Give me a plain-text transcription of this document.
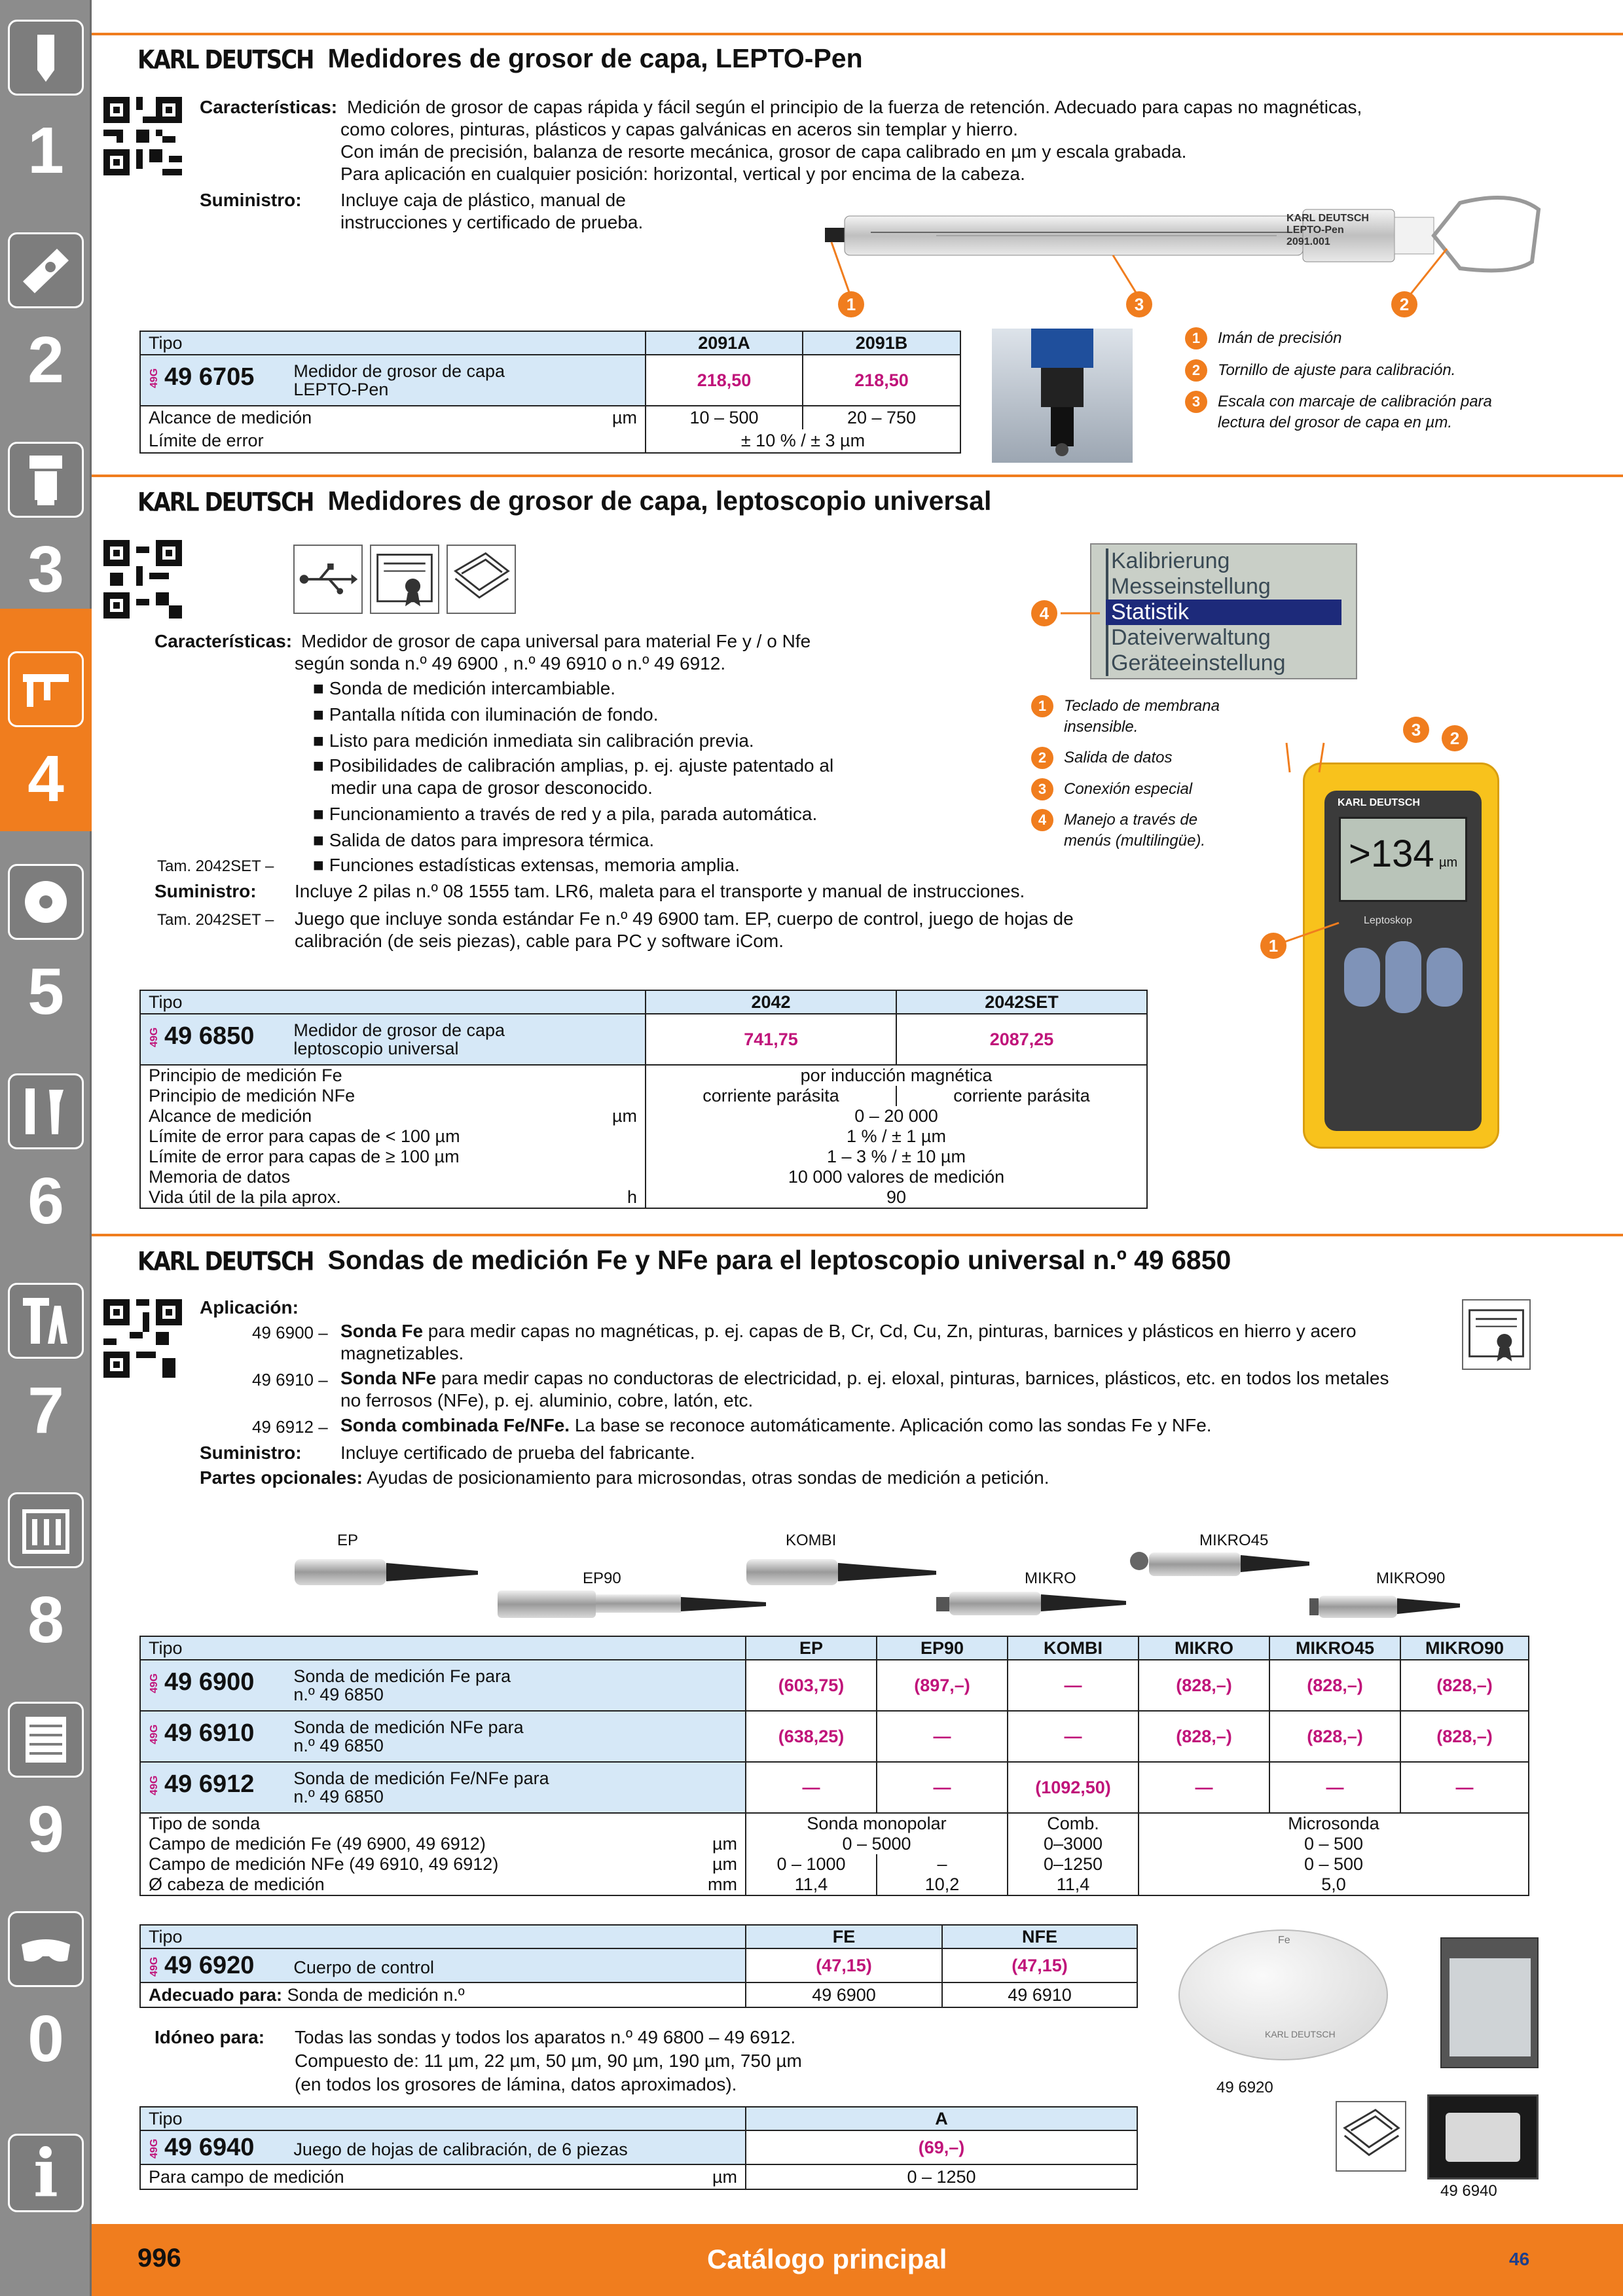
1
2
3
4
5
6
7
8
9
0
i
KARL DEUTSCH Medidores de grosor de capa, LEPTO-Pen
Características: Medición de grosor de capas rápida y fácil según el principio de la fuerza de retención. Adecuado para capas no magnéticas,
como colores, pinturas, plásticos y capas galvánicas en aceros sin templar y hierro.
Con imán de precisión, balanza de resorte mecánica, grosor de capa calibrado en µm y escala grabada.
Para aplicación en cualquier posición: horizontal, vertical y por encima de la cabeza.
Suministro: Incluye caja de plástico, manual de
instrucciones y certificado de prueba.	KARL DEUTSCH
LEPTO-Pen
2091.001
1	3	2
Tipo	2091A	2091B
49G 49 6705 Medidor de grosor de capa
LEPTO-Pen	218,50	218,50
Alcance de medición µm	10 – 500	20 – 750
Límite de error	± 10 % / ± 3 µm	
1	Imán de precisión
2	Tornillo de ajuste para calibración.
3	Escala con marcaje de calibración para
lectura del grosor de capa en µm.
KARL DEUTSCH Medidores de grosor de capa, leptoscopio universal
Características: Medidor de grosor de capa universal para material Fe y / o Nfe
según sonda n.º 49 6900 , n.º 49 6910 o n.º 49 6912.
■ Sonda de medición intercambiable.
■ Pantalla nítida con iluminación de fondo.
■ Listo para medición inmediata sin calibración previa.
■ Posibilidades de calibración amplias, p. ej. ajuste patentado al
medir una capa de grosor desconocido.
■ Funcionamiento a través de red y a pila, parada automática.
■ Salida de datos para impresora térmica.
Tam. 2042SET – ■ Funciones estadísticas extensas, memoria amplia.
Suministro: Incluye 2 pilas n.º 08 1555 tam. LR6, maleta para el transporte y manual de instrucciones.
Tam. 2042SET – Juego que incluye sonda estándar Fe n.º 49 6900 tam. EP, cuerpo de control, juego de hojas de
calibración (de seis piezas), cable para PC y software iCom.
Kalibrierung
Messeinstellung
Statistik
Dateiverwaltung
Geräteeinstellung
4
1	Teclado de membrana
insensible.
2	Salida de datos
3	Conexión especial
4	Manejo a través de
menús (multilingüe).
KARL DEUTSCH
>134 µm
Leptoskop
3	2
1
Tipo	2042	2042SET
49G 49 6850 Medidor de grosor de capa
leptoscopio universal	741,75	2087,25
Principio de medición Fe	por inducción magnética	
Principio de medición NFe	corriente parásita	corriente parásita
Alcance de medición µm	0 – 20 000	
Límite de error para capas de < 100 µm	1 % / ± 1 µm	
Límite de error para capas de ≥ 100 µm	1 – 3 % / ± 10 µm	
Memoria de datos	10 000 valores de medición	
Vida útil de la pila aprox. h	90	
KARL DEUTSCH Sondas de medición Fe y NFe para el leptoscopio universal n.º 49 6850
Aplicación:
49 6900 – Sonda Fe para medir capas no magnéticas, p. ej. capas de B, Cr, Cd, Cu, Zn, pinturas, barnices y plásticos en hierro y acero
magnetizables.
49 6910 – Sonda NFe para medir capas no conductoras de electricidad, p. ej. eloxal, pinturas, barnices, plásticos, etc. en todos los metales
no ferrosos (NFe), p. ej. aluminio, cobre, latón, etc.
49 6912 – Sonda combinada Fe/NFe. La base se reconoce automáticamente. Aplicación como las sondas Fe y NFe.
Suministro: Incluye certificado de prueba del fabricante.
Partes opcionales: Ayudas de posicionamiento para microsondas, otras sondas de medición a petición.
EP
EP90
KOMBI
MIKRO
MIKRO45
MIKRO90
Tipo	EP	EP90	KOMBI	MIKRO	MIKRO45	MIKRO90
49G 49 6900 Sonda de medición Fe para
n.º 49 6850	(603,75)	(897,–)	—	(828,–)	(828,–)	(828,–)
49G 49 6910 Sonda de medición NFe para
n.º 49 6850	(638,25)	—	—	(828,–)	(828,–)	(828,–)
49G 49 6912 Sonda de medición Fe/NFe para
n.º 49 6850	—	—	(1092,50)	—	—	—
Tipo de sonda	Sonda monopolar		Comb.	Microsonda		
Campo de medición Fe (49 6900, 49 6912) µm	0 – 5000		0–3000	0 – 500		
Campo de medición NFe (49 6910, 49 6912) µm	0 – 1000	–	0–1250	0 – 500		
Ø cabeza de medición mm	11,4	10,2	11,4	5,0		
Tipo	FE	NFE
49G 49 6920 Cuerpo de control	(47,15)	(47,15)
Adecuado para: Sonda de medición n.º	49 6900	49 6910
Idóneo para: Todas las sondas y todos los aparatos n.º 49 6800 – 49 6912.
Compuesto de: 11 µm, 22 µm, 50 µm, 90 µm, 190 µm, 750 µm
(en todos los grosores de lámina, datos aproximados).
Fe
KARL DEUTSCH
49 6920
49 6940
Tipo	A
49G 49 6940 Juego de hojas de calibración, de 6 piezas	(69,–)
Para campo de medición µm	0 – 1250
996	Catálogo principal	46
